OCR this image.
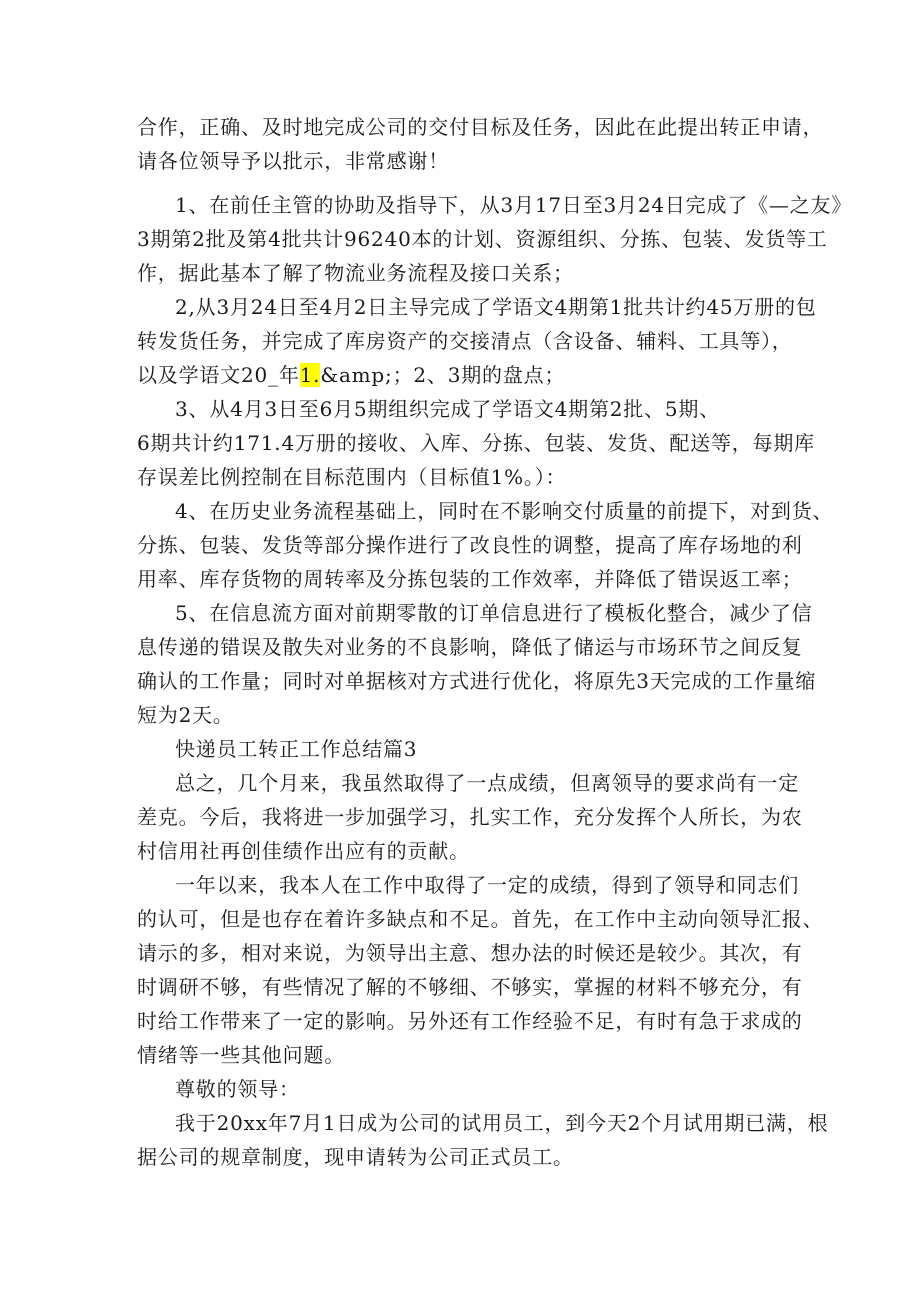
合作，正确、及时地完成公司的交付目标及任务，因此在此提出转正申请，
请各位领导予以批示，非常感谢！
1、在前任主管的协助及指导下，从3月17日至3月24日完成了《—之友》
3期第2批及第4批共计96240本的计划、资源组织、分拣、包装、发货等工
作，据此基本了解了物流业务流程及接口关系；
2,从3月24日至4月2日主导完成了学语文4期第1批共计约45万册的包
转发货任务，并完成了库房资产的交接清点（含设备、辅料、工具等），
以及学语文20_年1.&amp;；2、3期的盘点；
3、从4月3日至6月5期组织完成了学语文4期第2批、5期、
6期共计约171.4万册的接收、入库、分拣、包装、发货、配送等，每期库
存误差比例控制在目标范围内（目标值1%。）：
4、在历史业务流程基础上，同时在不影响交付质量的前提下，对到货、
分拣、包装、发货等部分操作进行了改良性的调整，提高了库存场地的利
用率、库存货物的周转率及分拣包装的工作效率，并降低了错误返工率；
5、在信息流方面对前期零散的订单信息进行了模板化整合，减少了信
息传递的错误及散失对业务的不良影响，降低了储运与市场环节之间反复
确认的工作量；同时对单据核对方式进行优化，将原先3天完成的工作量缩
短为2天。
快递员工转正工作总结篇3
总之，几个月来，我虽然取得了一点成绩，但离领导的要求尚有一定
差克。今后，我将进一步加强学习，扎实工作，充分发挥个人所长，为农
村信用社再创佳绩作出应有的贡献。
一年以来，我本人在工作中取得了一定的成绩，得到了领导和同志们
的认可，但是也存在着许多缺点和不足。首先，在工作中主动向领导汇报、
请示的多，相对来说，为领导出主意、想办法的时候还是较少。其次，有
时调研不够，有些情况了解的不够细、不够实，掌握的材料不够充分，有
时给工作带来了一定的影响。另外还有工作经验不足，有时有急于求成的
情绪等一些其他问题。
尊敬的领导：
我于20xx年7月1日成为公司的试用员工，到今天2个月试用期已满，根
据公司的规章制度，现申请转为公司正式员工。
